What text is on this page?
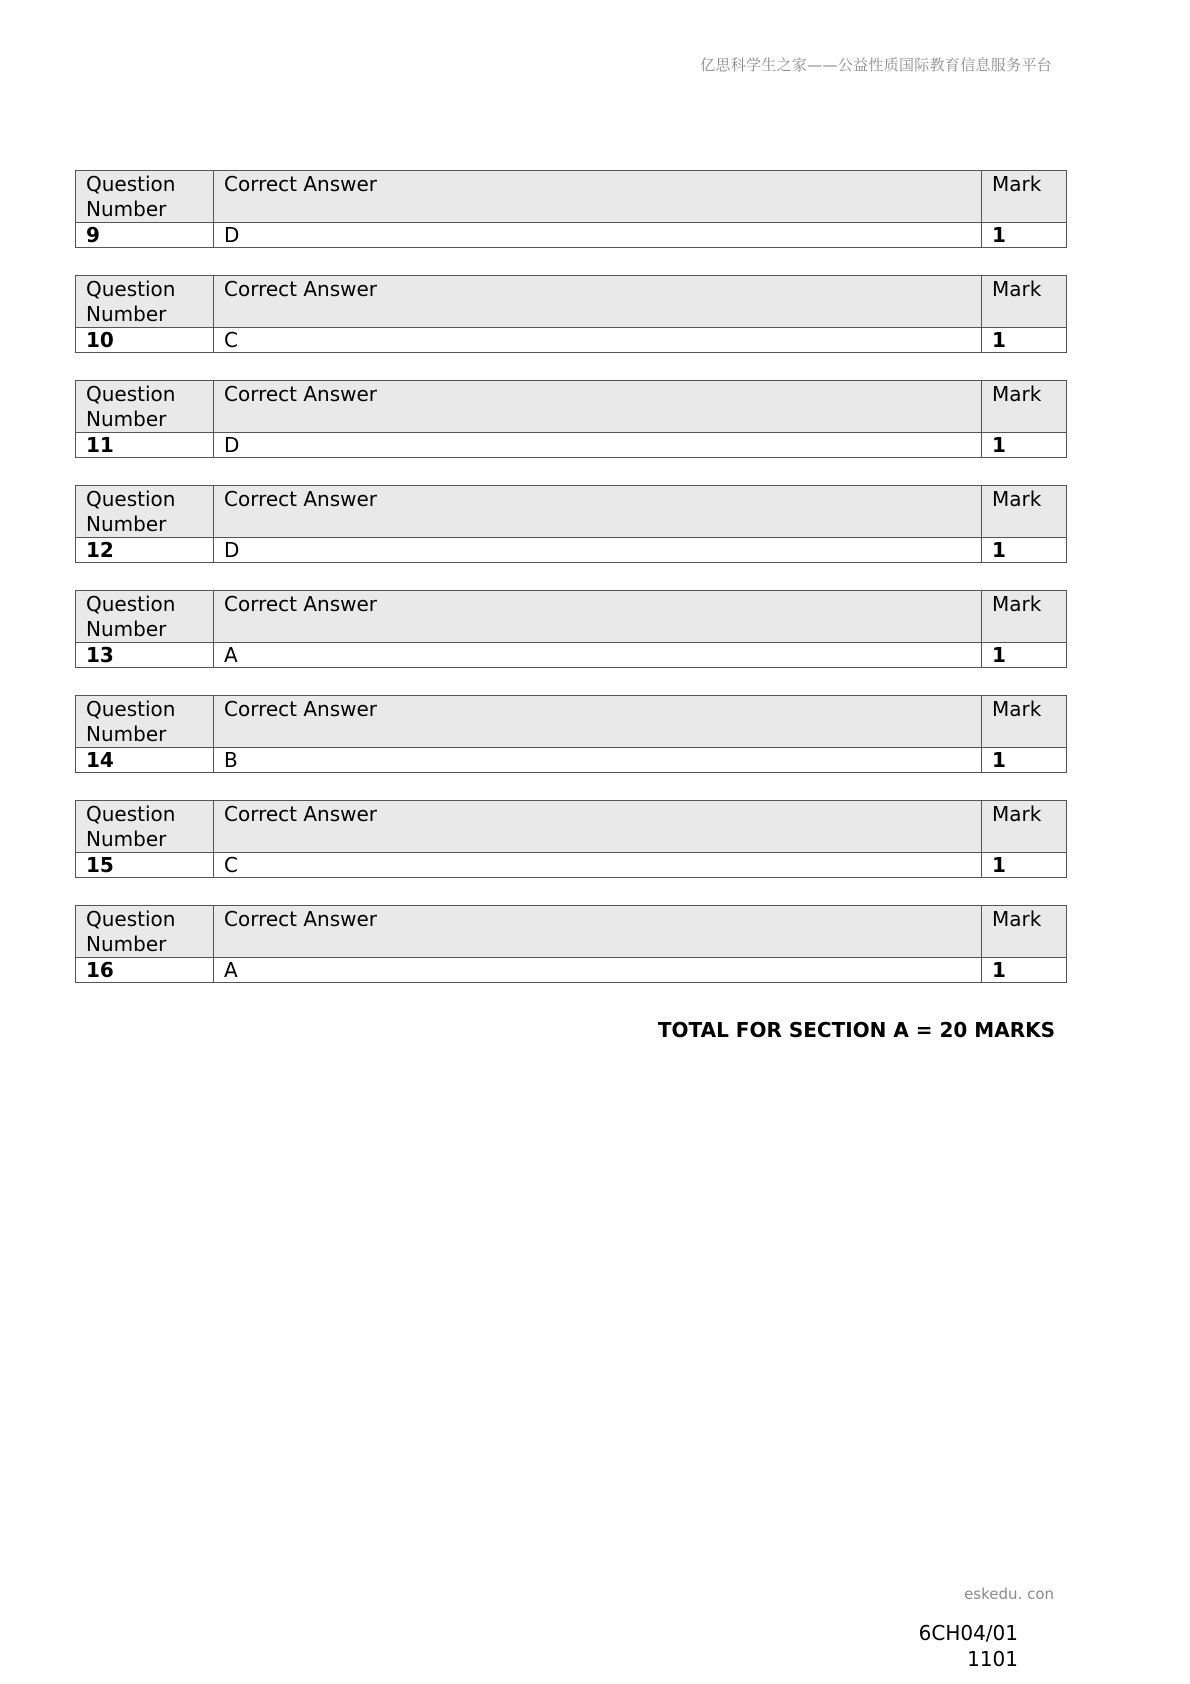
亿思科学生之家——公益性质国际教育信息服务平台
Question
Number	Correct Answer	Mark
9	D	1
Question
Number	Correct Answer	Mark
10	C	1
Question
Number	Correct Answer	Mark
11	D	1
Question
Number	Correct Answer	Mark
12	D	1
Question
Number	Correct Answer	Mark
13	A	1
Question
Number	Correct Answer	Mark
14	B	1
Question
Number	Correct Answer	Mark
15	C	1
Question
Number	Correct Answer	Mark
16	A	1
TOTAL FOR SECTION A = 20 MARKS
eskedu. con
6CH04/01
1101
